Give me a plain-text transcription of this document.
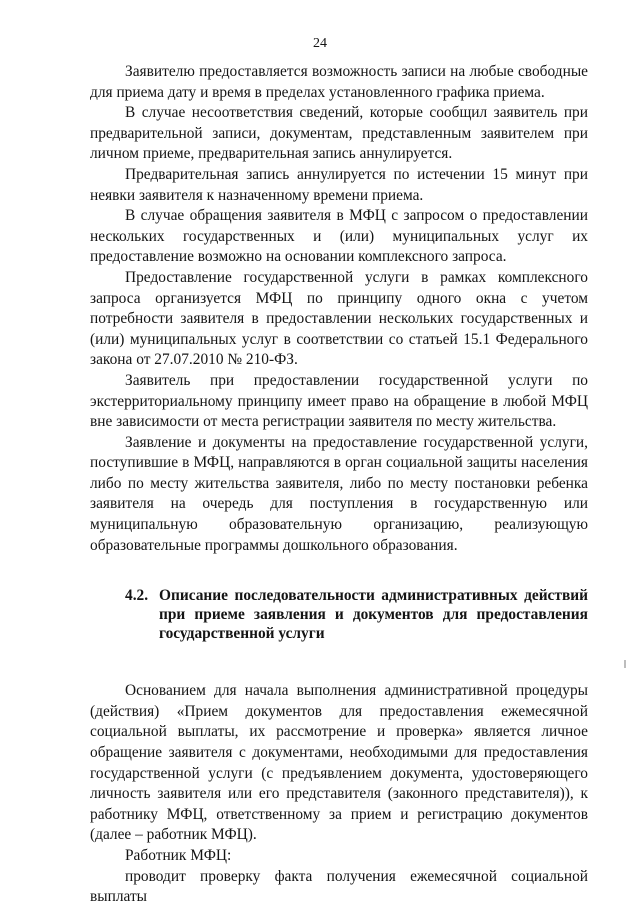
24

Заявителю предоставляется возможность записи на любые свободные для приема дату и время в пределах установленного графика приема.

В случае несоответствия сведений, которые сообщил заявитель при предварительной записи, документам, представленным заявителем при личном приеме, предварительная запись аннулируется.

Предварительная запись аннулируется по истечении 15 минут при неявки заявителя к назначенному времени приема.

В случае обращения заявителя в МФЦ с запросом о предоставлении нескольких государственных и (или) муниципальных услуг их предоставление возможно на основании комплексного запроса.

Предоставление государственной услуги в рамках комплексного запроса организуется МФЦ по принципу одного окна с учетом потребности заявителя в предоставлении нескольких государственных и (или) муниципальных услуг в соответствии со статьей 15.1 Федерального закона от 27.07.2010 № 210-ФЗ.

Заявитель при предоставлении государственной услуги по экстерриториальному принципу имеет право на обращение в любой МФЦ вне зависимости от места регистрации заявителя по месту жительства.

Заявление и документы на предоставление государственной услуги, поступившие в МФЦ, направляются в орган социальной защиты населения либо по месту жительства заявителя, либо по месту постановки ребенка заявителя на очередь для поступления в государственную или муниципальную образовательную организацию, реализующую образовательные программы дошкольного образования.

4.2. Описание последовательности административных действий при приеме заявления и документов для предоставления государственной услуги

Основанием для начала выполнения административной процедуры (действия) «Прием документов для предоставления ежемесячной социальной выплаты, их рассмотрение и проверка» является личное обращение заявителя с документами, необходимыми для предоставления государственной услуги (с предъявлением документа, удостоверяющего личность заявителя или его представителя (законного представителя)), к работнику МФЦ, ответственному за прием и регистрацию документов (далее – работник МФЦ).

Работник МФЦ:

проводит проверку факта получения ежемесячной социальной выплаты
